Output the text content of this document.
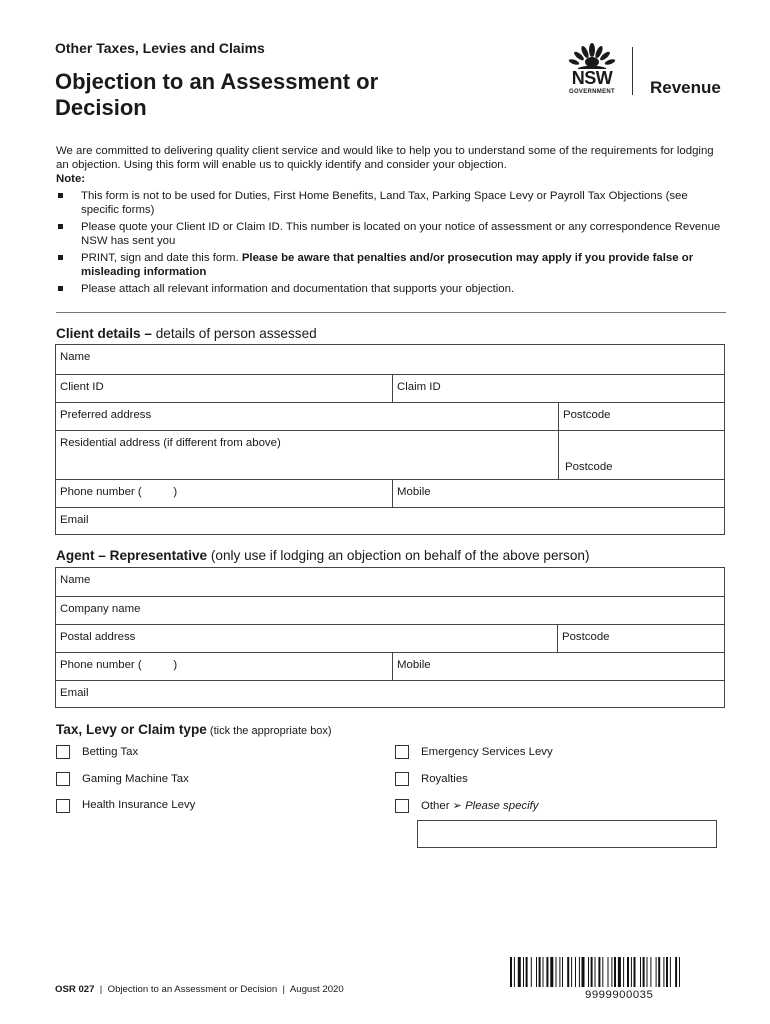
Other Taxes, Levies and Claims
Objection to an Assessment or Decision
NSW
GOVERNMENT Revenue

We are committed to delivering quality client service and would like to help you to understand some of the requirements for lodging an objection. Using this form will enable us to quickly identify and consider your objection.

Note:

This form is not to be used for Duties, First Home Benefits, Land Tax, Parking Space Levy or Payroll Tax Objections (see specific forms)
Please quote your Client ID or Claim ID. This number is located on your notice of assessment or any correspondence Revenue NSW has sent you
PRINT, sign and date this form. Please be aware that penalties and/or prosecution may apply if you provide false or misleading information
Please attach all relevant information and documentation that supports your objection.
Client details – details of person assessed
Name
Client ID	Claim ID
Preferred address	Postcode
Residential address (if different from above)
Postcode
Phone number (          )	Mobile
Email
Agent – Representative (only use if lodging an objection on behalf of the above person)
Name
Company name
Postal address	Postcode
Phone number (          )	Mobile
Email
Tax, Levy or Claim type (tick the appropriate box)
Betting Tax
Gaming Machine Tax
Health Insurance Levy
Emergency Services Levy
Royalties
Other ➢ Please specify
OSR 027  |  Objection to an Assessment or Decision  |  August 2020	9999900035
